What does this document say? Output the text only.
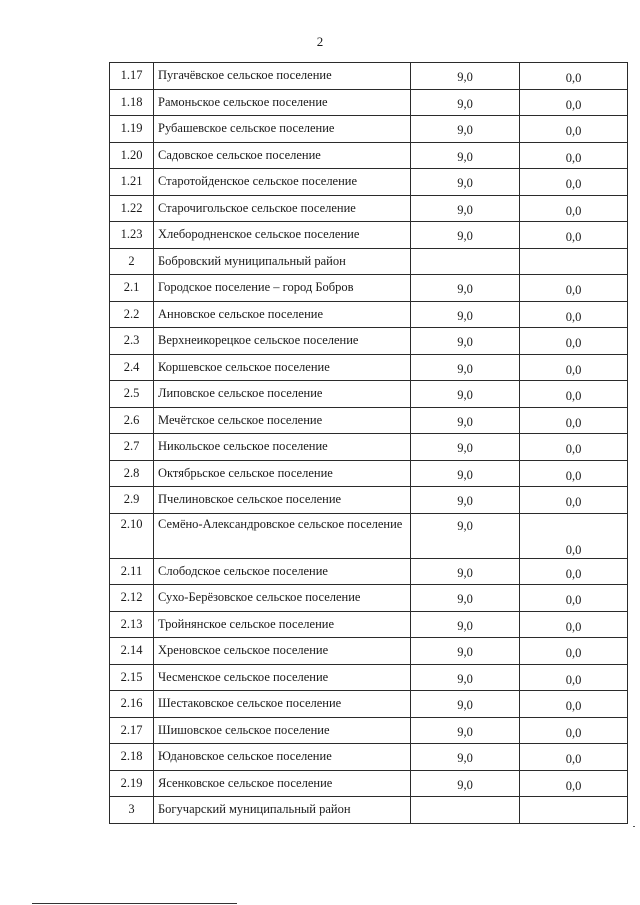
2
1.17	Пугачёвское сельское поселение	9,0	0,0
1.18	Рамоньское сельское поселение	9,0	0,0
1.19	Рубашевское сельское поселение	9,0	0,0
1.20	Садовское сельское поселение	9,0	0,0
1.21	Старотойденское сельское поселение	9,0	0,0
1.22	Старочигольское сельское поселение	9,0	0,0
1.23	Хлебородненское сельское поселение	9,0	0,0
2	Бобровский муниципальный район		
2.1	Городское поселение – город Бобров	9,0	0,0
2.2	Анновское сельское поселение	9,0	0,0
2.3	Верхнеикорецкое сельское поселение	9,0	0,0
2.4	Коршевское сельское поселение	9,0	0,0
2.5	Липовское сельское поселение	9,0	0,0
2.6	Мечётское сельское поселение	9,0	0,0
2.7	Никольское сельское поселение	9,0	0,0
2.8	Октябрьское сельское поселение	9,0	0,0
2.9	Пчелиновское сельское поселение	9,0	0,0
2.10	Семёно-Александровское сельское поселение	9,0	0,0
2.11	Слободское сельское поселение	9,0	0,0
2.12	Сухо-Берёзовское сельское поселение	9,0	0,0
2.13	Тройнянское сельское поселение	9,0	0,0
2.14	Хреновское сельское поселение	9,0	0,0
2.15	Чесменское сельское поселение	9,0	0,0
2.16	Шестаковское сельское поселение	9,0	0,0
2.17	Шишовское сельское поселение	9,0	0,0
2.18	Юдановское сельское поселение	9,0	0,0
2.19	Ясенковское сельское поселение	9,0	0,0
3	Богучарский муниципальный район		
